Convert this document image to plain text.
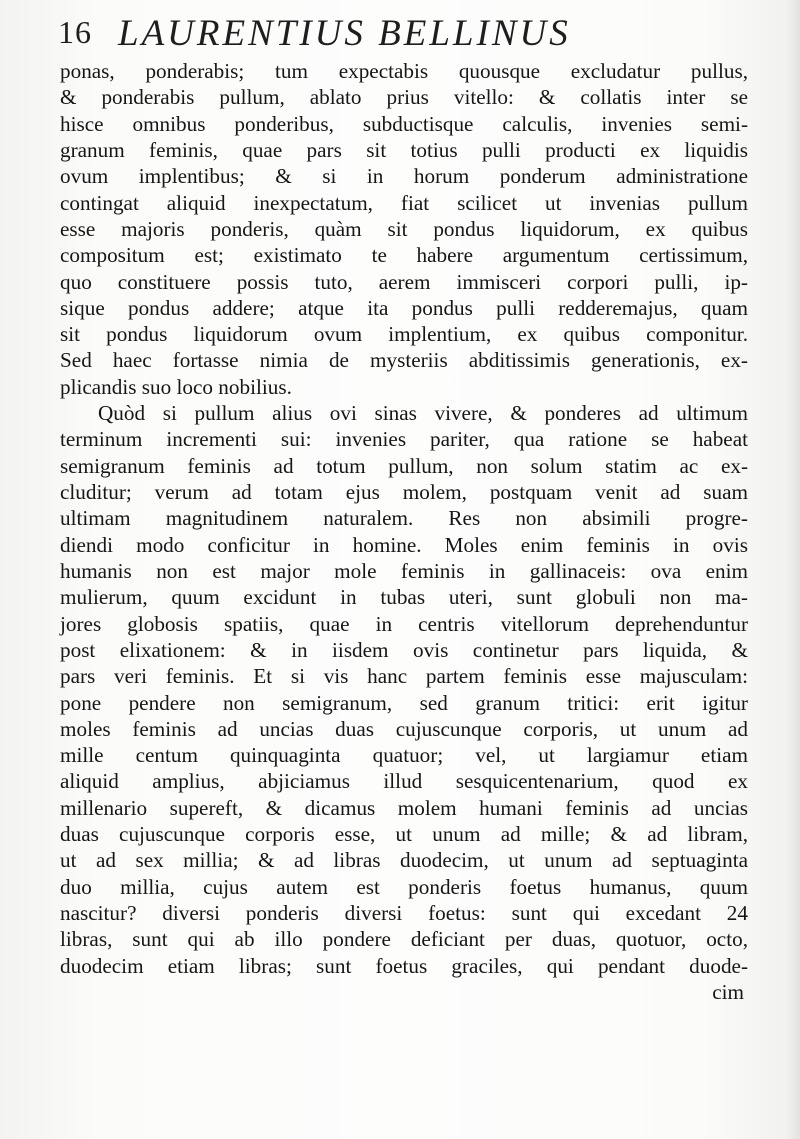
16 LAURENTIUS BELLINUS
ponas, ponderabis; tum expectabis quousque excludatur pullus,
& ponderabis pullum, ablato prius vitello: & collatis inter se
hisce omnibus ponderibus, subductisque calculis, invenies semi-
granum feminis, quae pars sit totius pulli producti ex liquidis
ovum implentibus; & si in horum ponderum administratione
contingat aliquid inexpectatum, fiat scilicet ut invenias pullum
esse majoris ponderis, quàm sit pondus liquidorum, ex quibus
compositum est; existimato te habere argumentum certissimum,
quo constituere possis tuto, aerem immisceri corpori pulli, ip-
sique pondus addere; atque ita pondus pulli redderemajus, quam
sit pondus liquidorum ovum implentium, ex quibus componitur.
Sed haec fortasse nimia de mysteriis abditissimis generationis, ex-
plicandis suo loco nobilius.
Quòd si pullum alius ovi sinas vivere, & ponderes ad ultimum
terminum incrementi sui: invenies pariter, qua ratione se habeat
semigranum feminis ad totum pullum, non solum statim ac ex-
cluditur; verum ad totam ejus molem, postquam venit ad suam
ultimam magnitudinem naturalem. Res non absimili progre-
diendi modo conficitur in homine. Moles enim feminis in ovis
humanis non est major mole feminis in gallinaceis: ova enim
mulierum, quum excidunt in tubas uteri, sunt globuli non ma-
jores globosis spatiis, quae in centris vitellorum deprehenduntur
post elixationem: & in iisdem ovis continetur pars liquida, &
pars veri feminis. Et si vis hanc partem feminis esse majusculam:
pone pendere non semigranum, sed granum tritici: erit igitur
moles feminis ad uncias duas cujuscunque corporis, ut unum ad
mille centum quinquaginta quatuor; vel, ut largiamur etiam
aliquid amplius, abjiciamus illud sesquicentenarium, quod ex
millenario supereft, & dicamus molem humani feminis ad uncias
duas cujuscunque corporis esse, ut unum ad mille; & ad libram,
ut ad sex millia; & ad libras duodecim, ut unum ad septuaginta
duo millia, cujus autem est ponderis foetus humanus, quum
nascitur? diversi ponderis diversi foetus: sunt qui excedant 24
libras, sunt qui ab illo pondere deficiant per duas, quotuor, octo,
duodecim etiam libras; sunt foetus graciles, qui pendant duode-
cim
